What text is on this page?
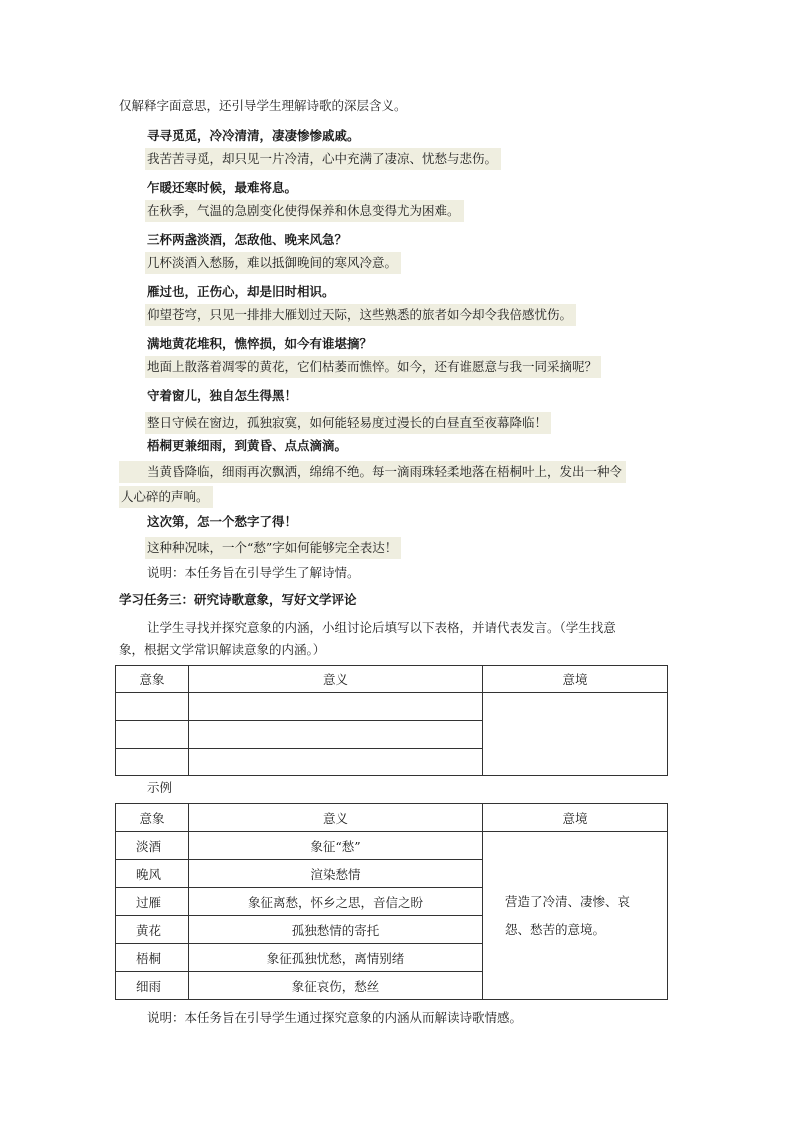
仅解释字面意思，还引导学生理解诗歌的深层含义。
寻寻觅觅，冷冷清清，凄凄惨惨戚戚。
我苦苦寻觅，却只见一片冷清，心中充满了凄凉、忧愁与悲伤。
乍暖还寒时候，最难将息。
在秋季，气温的急剧变化使得保养和休息变得尤为困难。
三杯两盏淡酒，怎敌他、晚来风急？
几杯淡酒入愁肠，难以抵御晚间的寒风冷意。
雁过也，正伤心，却是旧时相识。
仰望苍穹，只见一排排大雁划过天际，这些熟悉的旅者如今却令我倍感忧伤。
满地黄花堆积，憔悴损，如今有谁堪摘？
地面上散落着凋零的黄花，它们枯萎而憔悴。如今，还有谁愿意与我一同采摘呢？
守着窗儿，独自怎生得黑！
整日守候在窗边，孤独寂寞，如何能轻易度过漫长的白昼直至夜幕降临！
梧桐更兼细雨，到黄昏、点点滴滴。
当黄昏降临，细雨再次飘洒，绵绵不绝。每一滴雨珠轻柔地落在梧桐叶上，发出一种令
人心碎的声响。
这次第，怎一个愁字了得！
这种种况味，一个“愁”字如何能够完全表达！
说明：本任务旨在引导学生了解诗情。
学习任务三：研究诗歌意象，写好文学评论
让学生寻找并探究意象的内涵，小组讨论后填写以下表格，并请代表发言。（学生找意
象，根据文学常识解读意象的内涵。）
意象	意义	意境

示例
意象	意义	意境
淡酒	象征“愁”	营造了冷清、凄惨、哀
怨、愁苦的意境。

晚风	渲染愁情	
过雁	象征离愁，怀乡之思，音信之盼	
黄花	孤独愁情的寄托	
梧桐	象征孤独忧愁，离情别绪	
细雨	象征哀伤，愁丝	
说明：本任务旨在引导学生通过探究意象的内涵从而解读诗歌情感。
